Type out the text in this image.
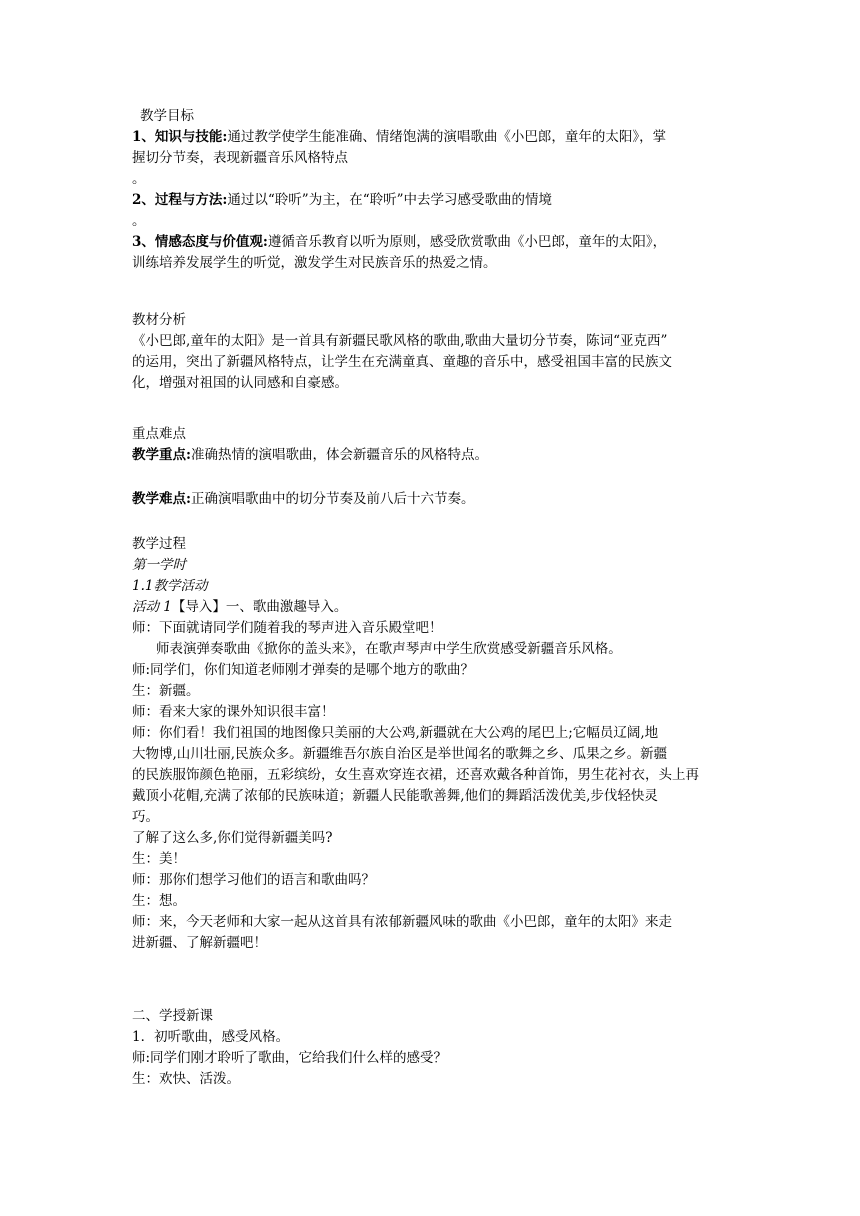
教学目标
1、知识与技能:通过教学使学生能准确、情绪饱满的演唱歌曲《小巴郎，童年的太阳》，掌
握切分节奏，表现新疆音乐风格特点
。
2、过程与方法:通过以“聆听”为主，在“聆听”中去学习感受歌曲的情境
。
3、情感态度与价值观:遵循音乐教育以听为原则，感受欣赏歌曲《小巴郎，童年的太阳》，
训练培养发展学生的听觉，激发学生对民族音乐的热爱之情。
教材分析
《小巴郎,童年的太阳》是一首具有新疆民歌风格的歌曲,歌曲大量切分节奏，陈词“亚克西”
的运用，突出了新疆风格特点，让学生在充满童真、童趣的音乐中，感受祖国丰富的民族文
化，增强对祖国的认同感和自豪感。
重点难点
教学重点:准确热情的演唱歌曲，体会新疆音乐的风格特点。
教学难点:正确演唱歌曲中的切分节奏及前八后十六节奏。
教学过程
第一学时
1.1教学活动
活动 1【导入】一、歌曲激趣导入。
师：下面就请同学们随着我的琴声进入音乐殿堂吧！
师表演弹奏歌曲《掀你的盖头来》，在歌声琴声中学生欣赏感受新疆音乐风格。
师:同学们，你们知道老师刚才弹奏的是哪个地方的歌曲？
生：新疆。
师：看来大家的课外知识很丰富！
师：你们看！我们祖国的地图像只美丽的大公鸡,新疆就在大公鸡的尾巴上;它幅员辽阔,地
大物博,山川壮丽,民族众多。新疆维吾尔族自治区是举世闻名的歌舞之乡、瓜果之乡。新疆
的民族服饰颜色艳丽，五彩缤纷，女生喜欢穿连衣裙，还喜欢戴各种首饰，男生花衬衣，头上再
戴顶小花帽,充满了浓郁的民族味道；新疆人民能歌善舞,他们的舞蹈活泼优美,步伐轻快灵
巧。
了解了这么多,你们觉得新疆美吗?
生：美！
师：那你们想学习他们的语言和歌曲吗？
生：想。
师：来，今天老师和大家一起从这首具有浓郁新疆风味的歌曲《小巴郎，童年的太阳》来走
进新疆、了解新疆吧！
二、学授新课
1．初听歌曲，感受风格。
师:同学们刚才聆听了歌曲，它给我们什么样的感受？
生：欢快、活泼。
